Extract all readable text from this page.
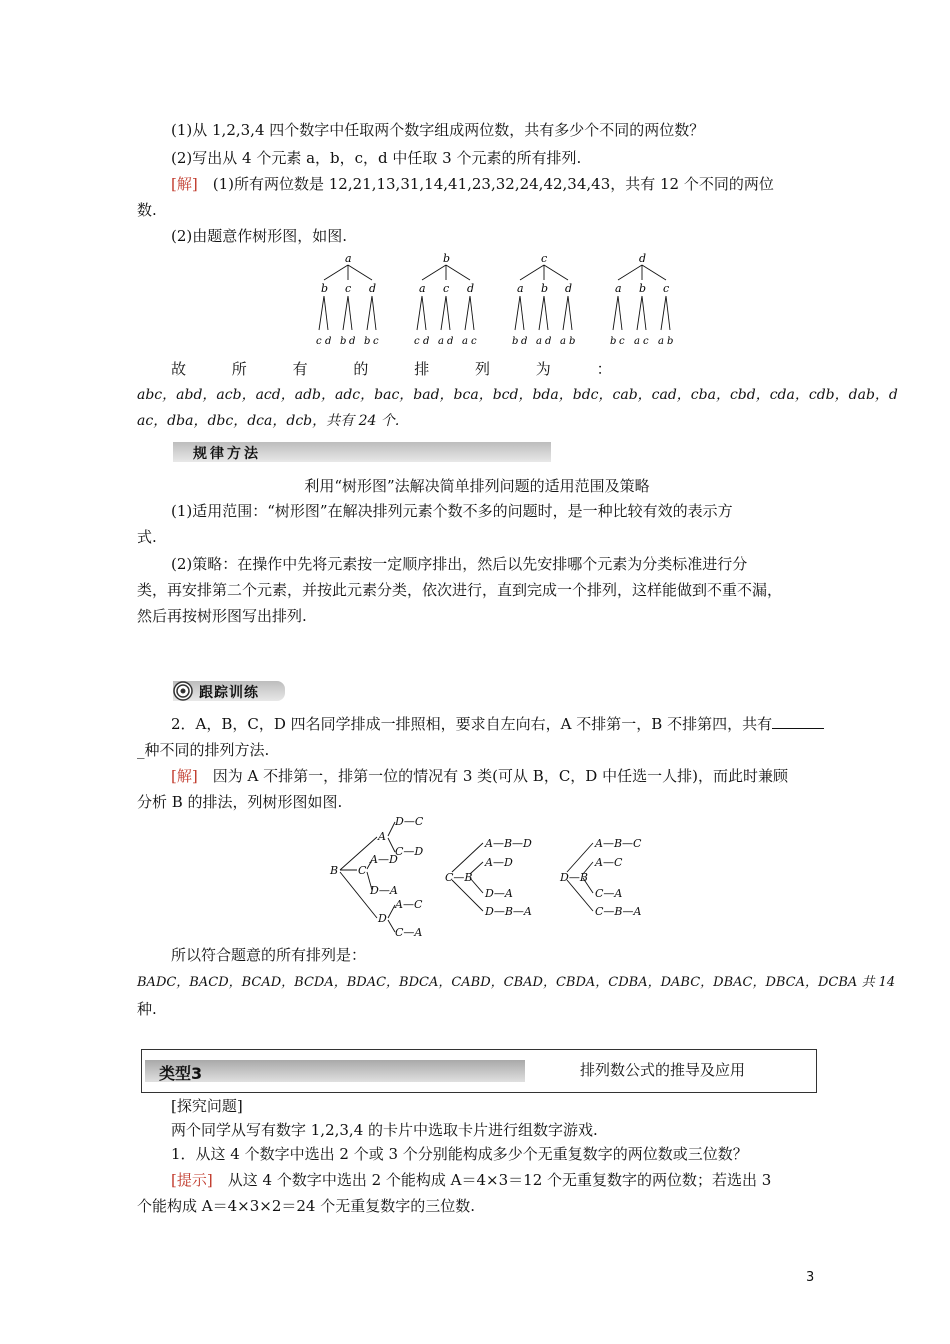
(1)从 1,2,3,4 四个数字中任取两个数字组成两位数，共有多少个不同的两位数？
(2)写出从 4 个元素 a，b，c，d 中任取 3 个元素的所有排列.
[解]　 (1)所有两位数是 12,21,13,31,14,41,23,32,24,42,34,43，共有 12 个不同的两位
数.
(2)由题意作树形图，如图.
a
b
c d
c
b d
d
b c
b
a
c d
c
a d
d
a c
c
a
b d
b
a d
d
a b
d
a
b c
b
a c
c
a b
故　　　所　　　有　　　的　　　排　　　列　　　为　　　：
abc，abd，acb，acd，adb，adc，bac，bad，bca，bcd，bda，bdc，cab，cad，cba，cbd，cda，cdb，dab，d
ac，dba，dbc，dca，dcb，共有 24 个.
规律方法
利用“树形图”法解决简单排列问题的适用范围及策略
(1)适用范围：“树形图”在解决排列元素个数不多的问题时，是一种比较有效的表示方
式.
(2)策略：在操作中先将元素按一定顺序排出，然后以先安排哪个元素为分类标准进行分
类，再安排第二个元素，并按此元素分类，依次进行，直到完成一个排列，这样能做到不重不漏，
然后再按树形图写出排列.
跟踪训练
2．A，B，C，D 四名同学排成一排照相，要求自左向右，A 不排第一，B 不排第四，共有
_种不同的排列方法.
[解]　 因为 A 不排第一，排第一位的情况有 3 类(可从 B，C，D 中任选一人排)，而此时兼顾
分析 B 的排法，列树形图如图.
B
A
D—C
C—D
C
A—D
D—A
D
A—C
C—A
C—B
A—B—D
A—D
D—A
D—B—A
D—B
A—B—C
A—C
C—A
C—B—A
所以符合题意的所有排列是：
BADC，BACD，BCAD，BCDA，BDAC，BDCA，CABD，CBAD，CBDA，CDBA，DABC，DBAC，DBCA，DCBA 共 14
种.
类型3	排列数公式的推导及应用
[探究问题]
两个同学从写有数字 1,2,3,4 的卡片中选取卡片进行组数字游戏.
1．从这 4 个数字中选出 2 个或 3 个分别能构成多少个无重复数字的两位数或三位数？
[提示]　 从这 4 个数字中选出 2 个能构成 A＝4×3＝12 个无重复数字的两位数；若选出 3
个能构成 A＝4×3×2＝24 个无重复数字的三位数.
3
